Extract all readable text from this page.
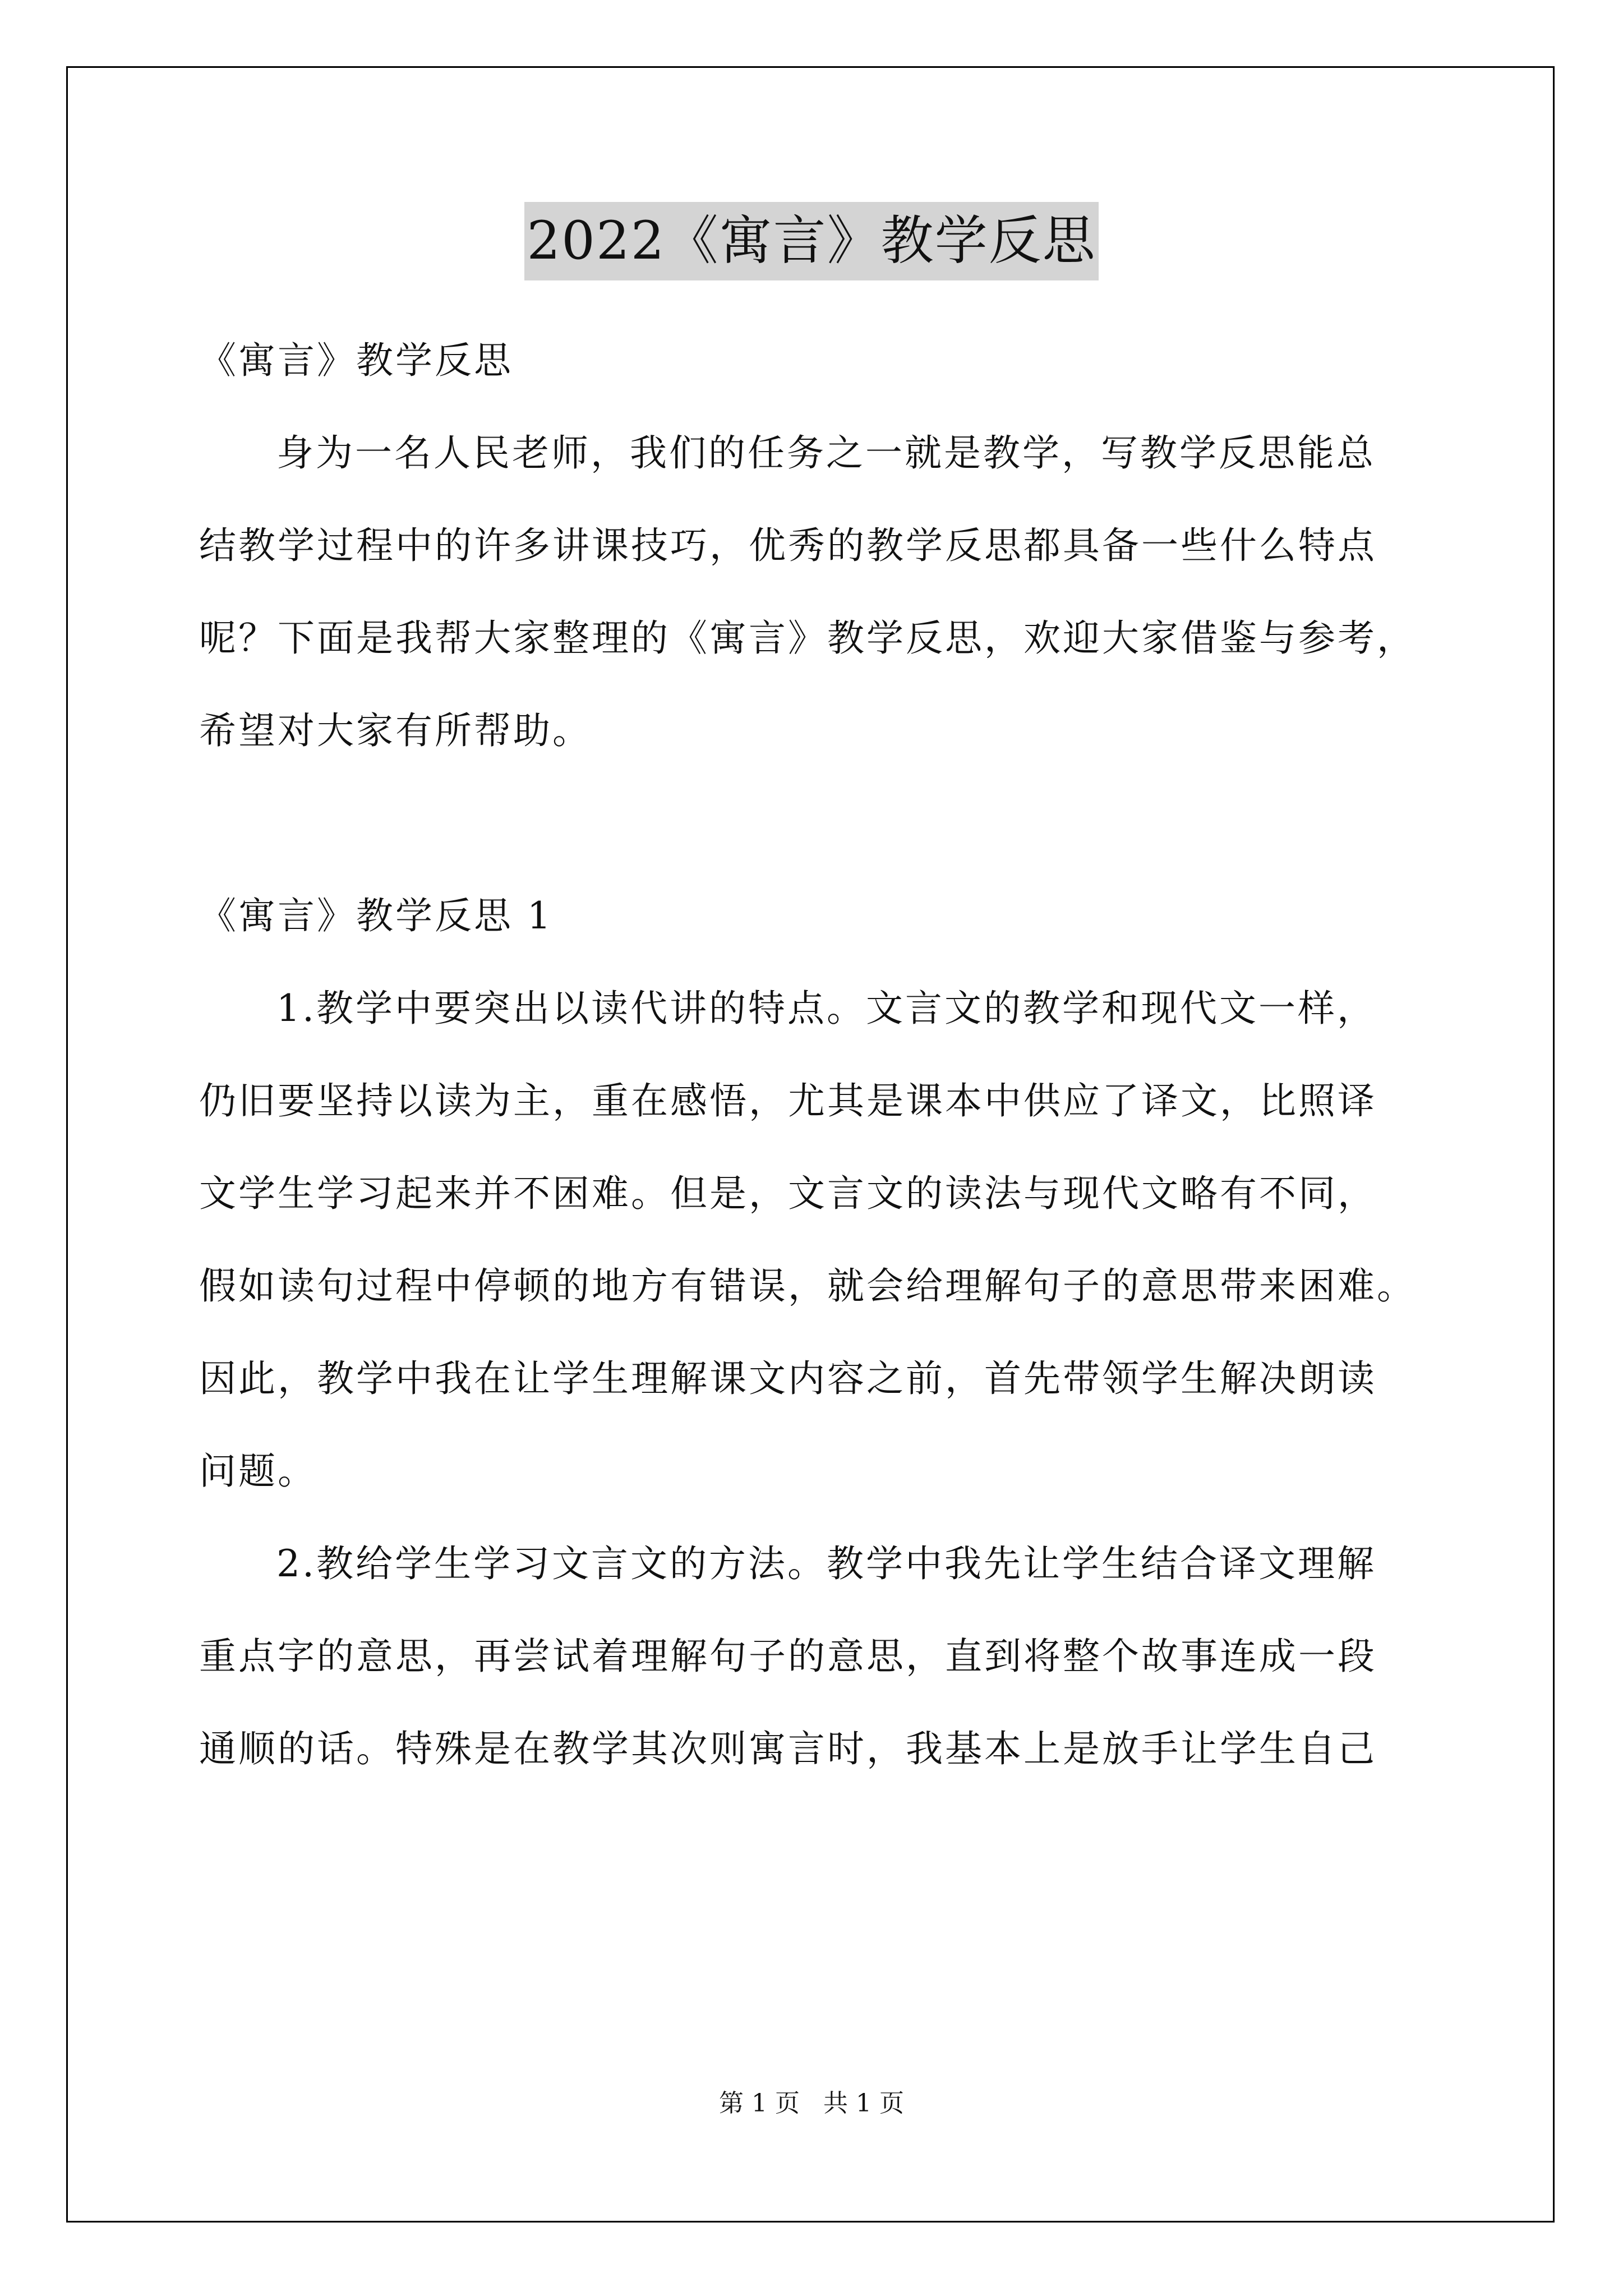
2022《寓言》教学反思
《寓言》教学反思
身为一名人民老师，我们的任务之一就是教学，写教学反思能总
结教学过程中的许多讲课技巧，优秀的教学反思都具备一些什么特点
呢？下面是我帮大家整理的《寓言》教学反思，欢迎大家借鉴与参考，
希望对大家有所帮助。
《寓言》教学反思 1
1.教学中要突出以读代讲的特点。文言文的教学和现代文一样，
仍旧要坚持以读为主，重在感悟，尤其是课本中供应了译文，比照译
文学生学习起来并不困难。但是，文言文的读法与现代文略有不同，
假如读句过程中停顿的地方有错误，就会给理解句子的意思带来困难。
因此，教学中我在让学生理解课文内容之前，首先带领学生解决朗读
问题。
2.教给学生学习文言文的方法。教学中我先让学生结合译文理解
重点字的意思，再尝试着理解句子的意思，直到将整个故事连成一段
通顺的话。特殊是在教学其次则寓言时，我基本上是放手让学生自己
第 1 页 共 1 页
